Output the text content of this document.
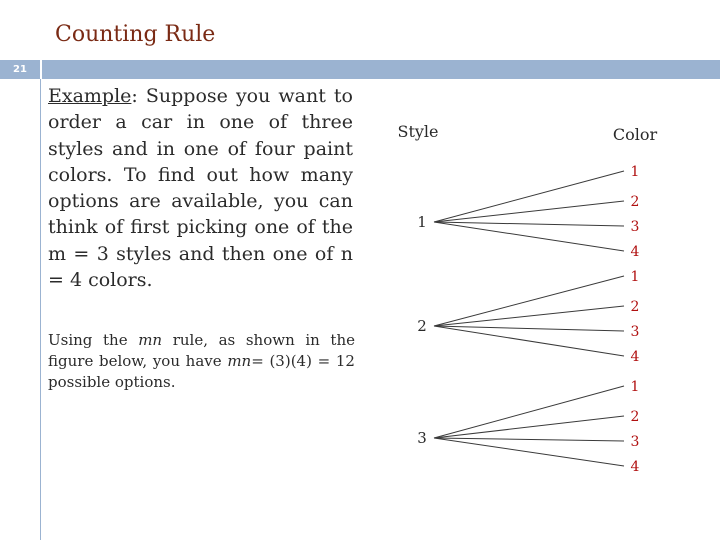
Counting Rule
21
Example: Suppose you want to order a car in one of three styles and in one of four paint colors. To find out how many options are available, you can think of first picking one of the m = 3 styles and then one of n = 4 colors.
Using the mn rule, as shown in the figure below, you have mn= (3)(4) = 12 possible options.
Style	Color
1
1
2
3
4
2
1
2
3
4
3
1
2
3
4
